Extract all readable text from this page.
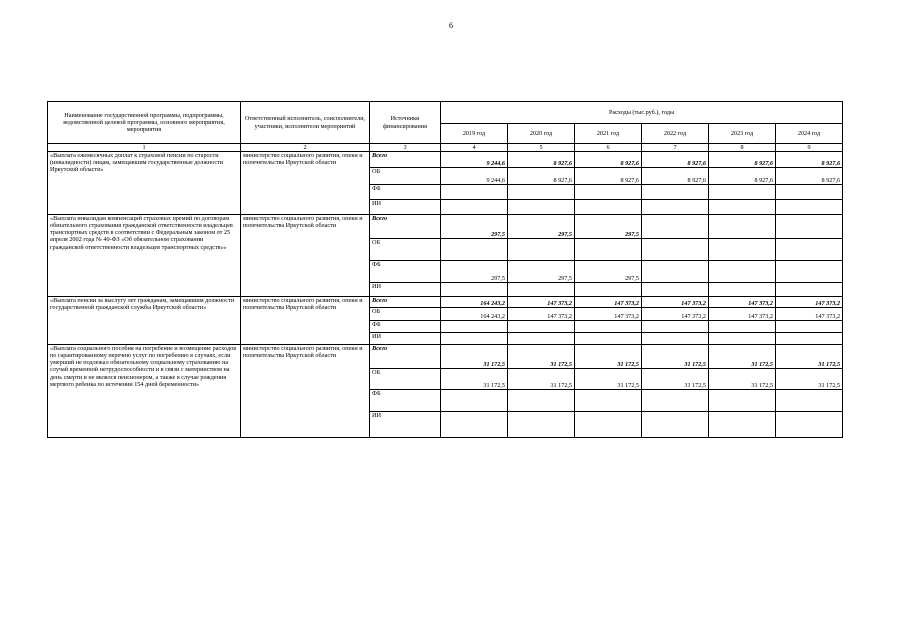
6
Наименование государственной программы, подпрограммы, ведомственной целевой программы, основного мероприятия, мероприятия	Ответственный исполнитель, соисполнители, участники, исполнители мероприятий	Источники финансирования	Расходы (тыс.руб.), годы					
			2019 год	2020 год	2021 год	2022 год	2023 год	2024 год
1	2	3	4	5	6	7	8	9
«Выплата ежемесячных доплат к страховой пенсии по старости (инвалидности) лицам, замещавшим государственные должности Иркутской области»	министерство социального развития, опеки и попечительства Иркутской области	Всего	9 244,6	8 927,6	8 927,6	8 927,6	8 927,6	8 927,6
		ОБ	9 244,6	8 927,6	8 927,6	8 927,6	8 927,6	8 927,6
		ФБ						
		ИИ						
«Выплата инвалидам компенсаций страховых премий по договорам обязательного страхования гражданской ответственности владельцев транспортных средств в соответствии с Федеральным законом от 25 апреля 2002 года № 40-ФЗ «Об обязательном страховании гражданской ответственности владельцев транспортных средств»»	министерство социального развития, опеки и попечительства Иркутской области	Всего	297,5	297,5	297,5			
		ОБ						
		ФБ	297,5	297,5	297,5			
		ИИ						
«Выплата пенсии за выслугу лет гражданам, замещавшим должности государственной гражданской службы Иркутской области»	министерство социального развития, опеки и попечительства Иркутской области	Всего	164 243,2	147 373,2	147 373,2	147 373,2	147 373,2	147 373,2
		ОБ	164 243,2	147 373,2	147 373,2	147 373,2	147 373,2	147 373,2
		ФБ						
		ИИ						
«Выплата социального пособия на погребение и возмещение расходов по гарантированному перечню услуг по погребению в случаях, если умерший не подлежал обязательному социальному страхованию на случай временной нетрудоспособности и в связи с материнством на день смерти и не являлся пенсионером, а также в случае рождения мертвого ребенка по истечении 154 дней беременности»	министерство социального развития, опеки и попечительства Иркутской области	Всего	31 172,5	31 172,5	31 172,5	31 172,5	31 172,5	31 172,5
		ОБ	31 172,5	31 172,5	31 172,5	31 172,5	31 172,5	31 172,5
		ФБ						
		ИИ						
